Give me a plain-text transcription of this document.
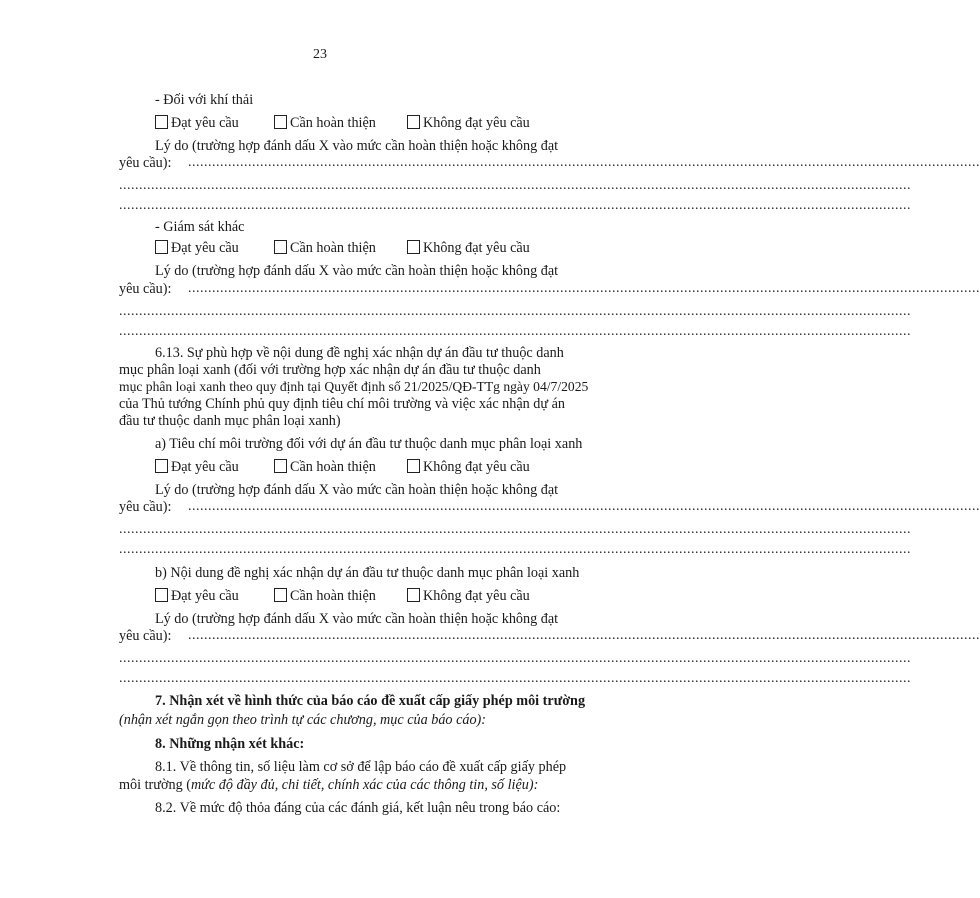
23
- Đối với khí thải
Đạt yêu cầu	Cần hoàn thiện	Không đạt yêu cầu
Lý do (trường hợp đánh dấu X vào mức cần hoàn thiện hoặc không đạt
yêu cầu): ......................................................................................................................................................................................................
......................................................................................................................................................................................................
......................................................................................................................................................................................................
- Giám sát khác
Đạt yêu cầu	Cần hoàn thiện	Không đạt yêu cầu
Lý do (trường hợp đánh dấu X vào mức cần hoàn thiện hoặc không đạt
yêu cầu): ......................................................................................................................................................................................................
......................................................................................................................................................................................................
......................................................................................................................................................................................................
6.13. Sự phù hợp về nội dung đề nghị xác nhận dự án đầu tư thuộc danh
mục phân loại xanh (đối với trường hợp xác nhận dự án đầu tư thuộc danh
mục phân loại xanh theo quy định tại Quyết định số 21/2025/QĐ-TTg ngày 04/7/2025
của Thủ tướng Chính phủ quy định tiêu chí môi trường và việc xác nhận dự án
đầu tư thuộc danh mục phân loại xanh)
a) Tiêu chí môi trường đối với dự án đầu tư thuộc danh mục phân loại xanh
Đạt yêu cầu	Cần hoàn thiện	Không đạt yêu cầu
Lý do (trường hợp đánh dấu X vào mức cần hoàn thiện hoặc không đạt
yêu cầu): ......................................................................................................................................................................................................
......................................................................................................................................................................................................
......................................................................................................................................................................................................
b) Nội dung đề nghị xác nhận dự án đầu tư thuộc danh mục phân loại xanh
Đạt yêu cầu	Cần hoàn thiện	Không đạt yêu cầu
Lý do (trường hợp đánh dấu X vào mức cần hoàn thiện hoặc không đạt
yêu cầu): ......................................................................................................................................................................................................
......................................................................................................................................................................................................
......................................................................................................................................................................................................
7. Nhận xét về hình thức của báo cáo đề xuất cấp giấy phép môi trường
(nhận xét ngắn gọn theo trình tự các chương, mục của báo cáo):
8. Những nhận xét khác:
8.1. Về thông tin, số liệu làm cơ sở để lập báo cáo đề xuất cấp giấy phép
môi trường (mức độ đầy đủ, chi tiết, chính xác của các thông tin, số liệu):
8.2. Về mức độ thỏa đáng của các đánh giá, kết luận nêu trong báo cáo:
